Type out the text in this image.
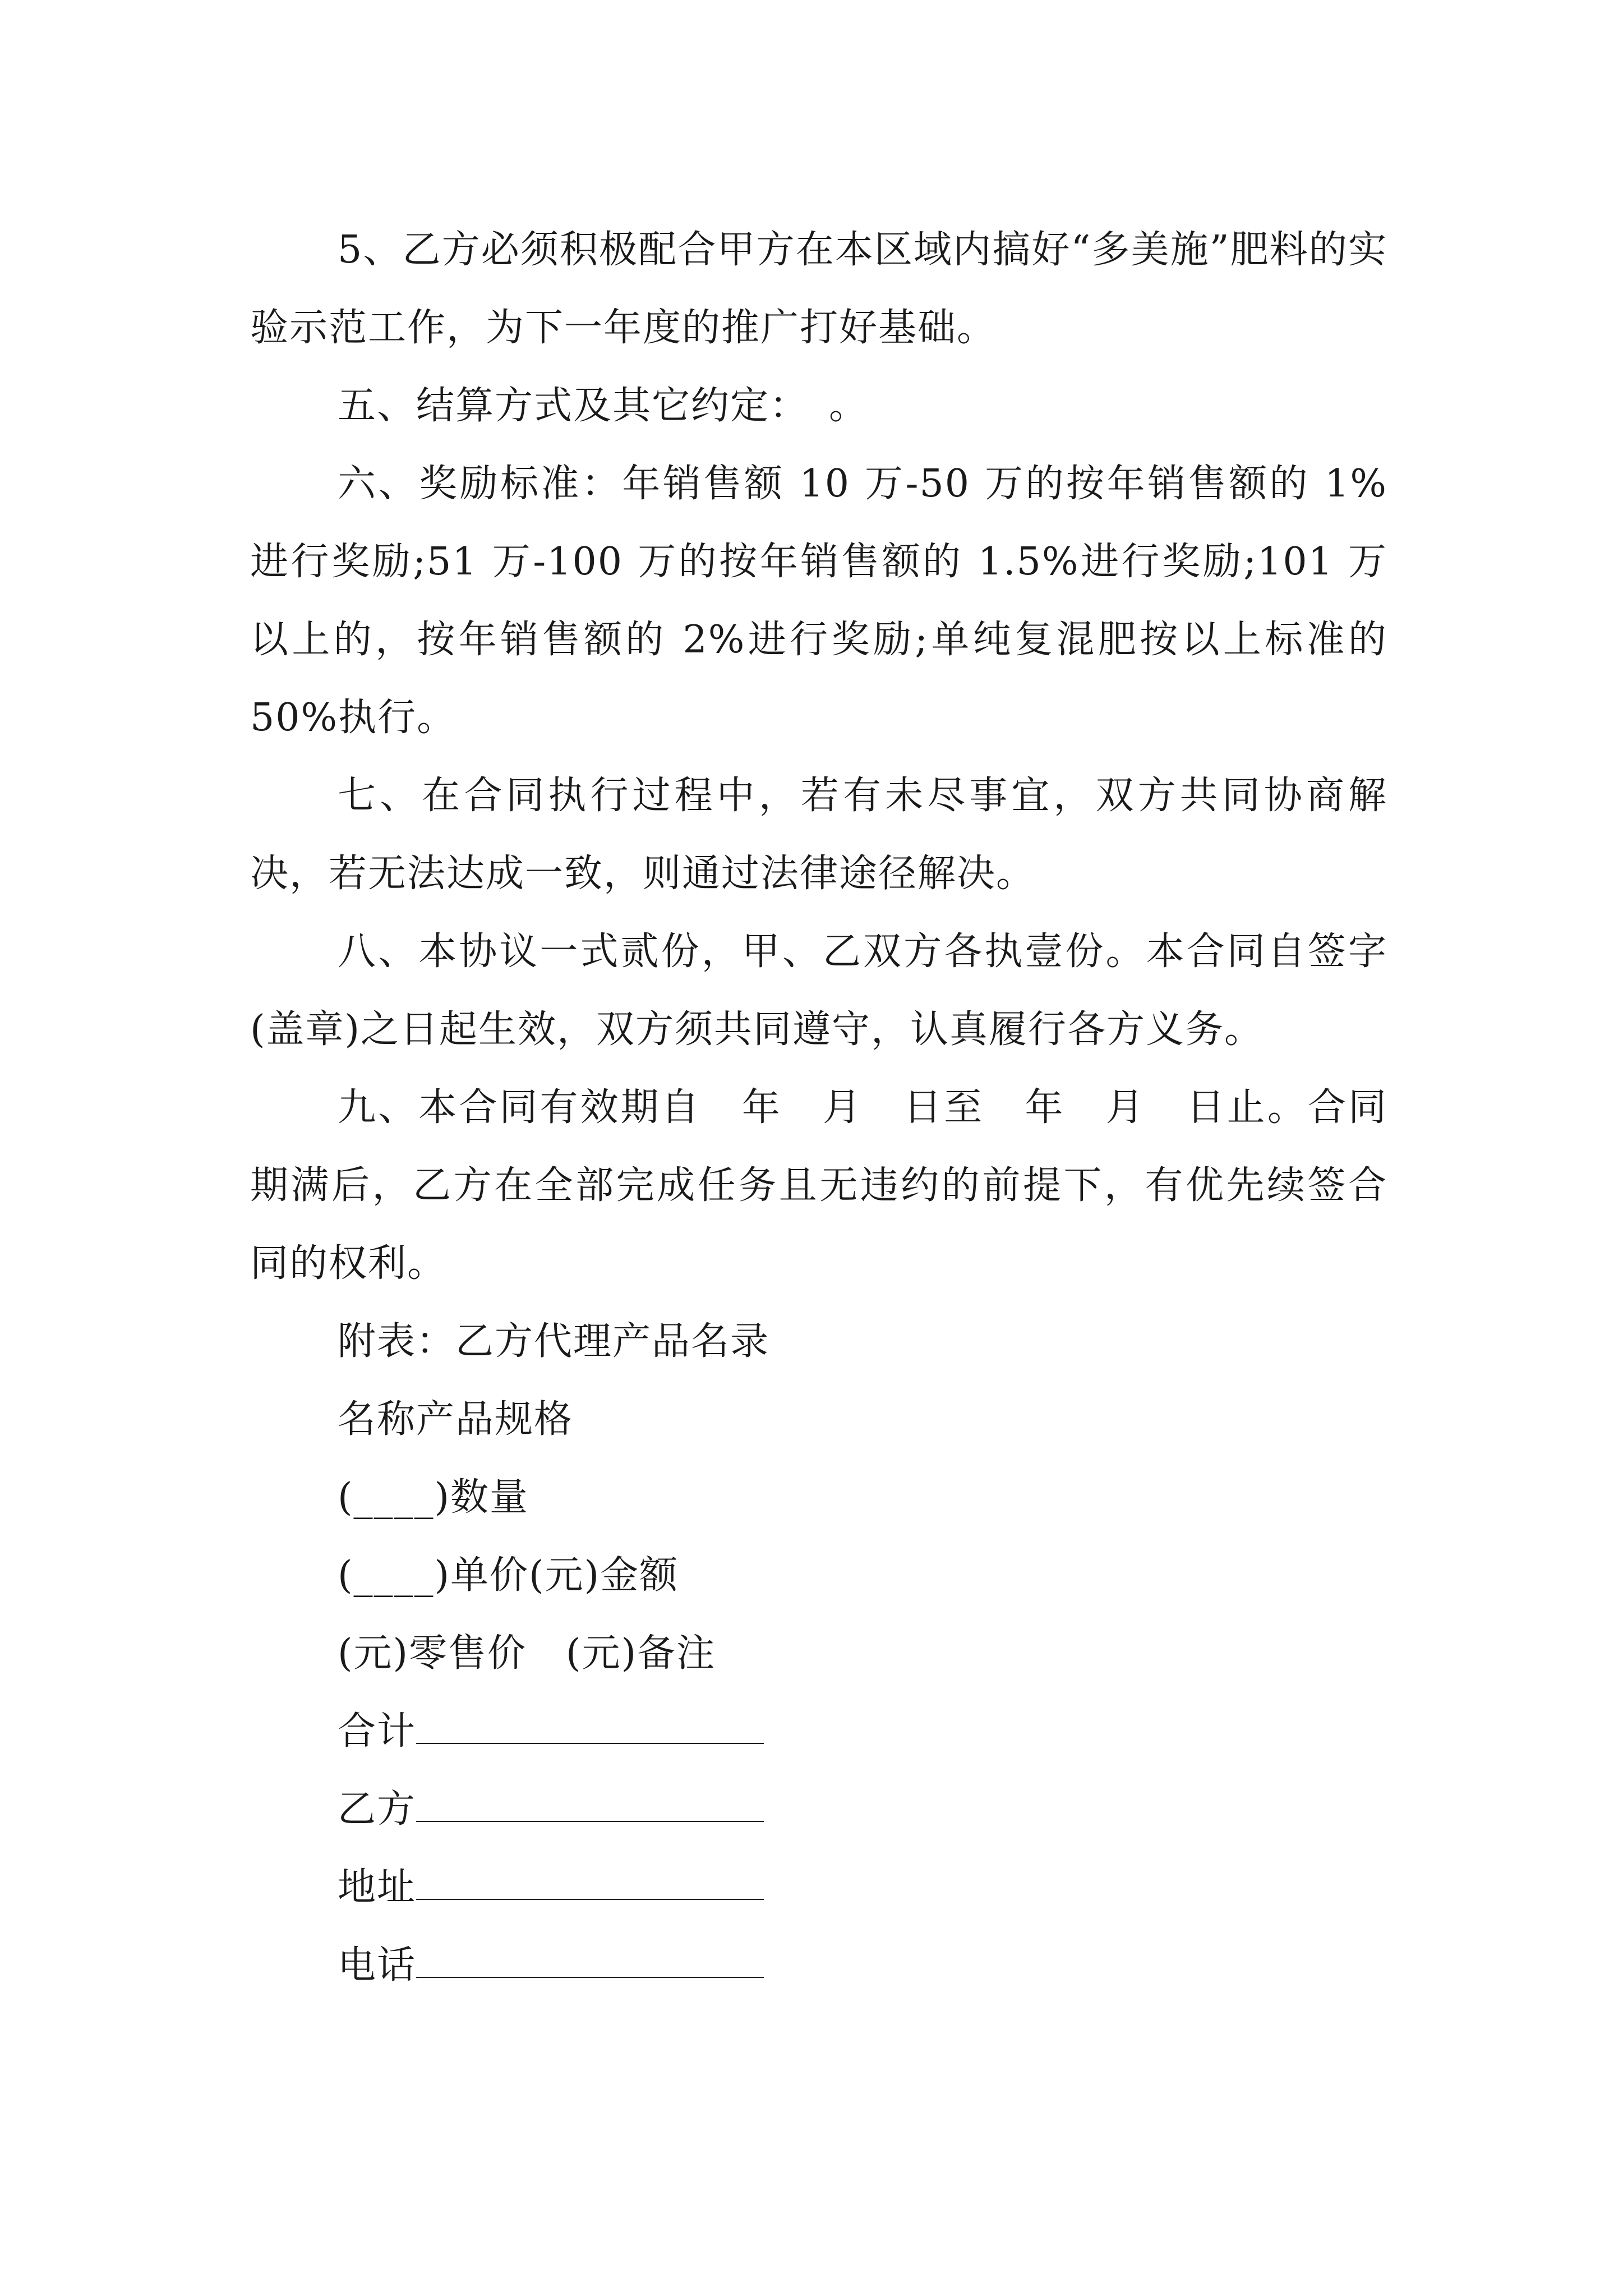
5、乙方必须积极配合甲方在本区域内搞好“多美施”肥料的实验示范工作，为下一年度的推广打好基础。

五、结算方式及其它约定：　。

六、奖励标准：年销售额 10 万-50 万的按年销售额的 1%进行奖励;51 万-100 万的按年销售额的 1.5%进行奖励;101 万以上的，按年销售额的 2%进行奖励;单纯复混肥按以上标准的 50%执行。

七、在合同执行过程中，若有未尽事宜，双方共同协商解决，若无法达成一致，则通过法律途径解决。

八、本协议一式贰份，甲、乙双方各执壹份。本合同自签字(盖章)之日起生效，双方须共同遵守，认真履行各方义务。

九、本合同有效期自　年　月　日至　年　月　日止。合同期满后，乙方在全部完成任务且无违约的前提下，有优先续签合同的权利。

附表：乙方代理产品名录

名称产品规格

(____)数量

(____)单价(元)金额

(元)零售价　(元)备注

合计

乙方

地址

电话
